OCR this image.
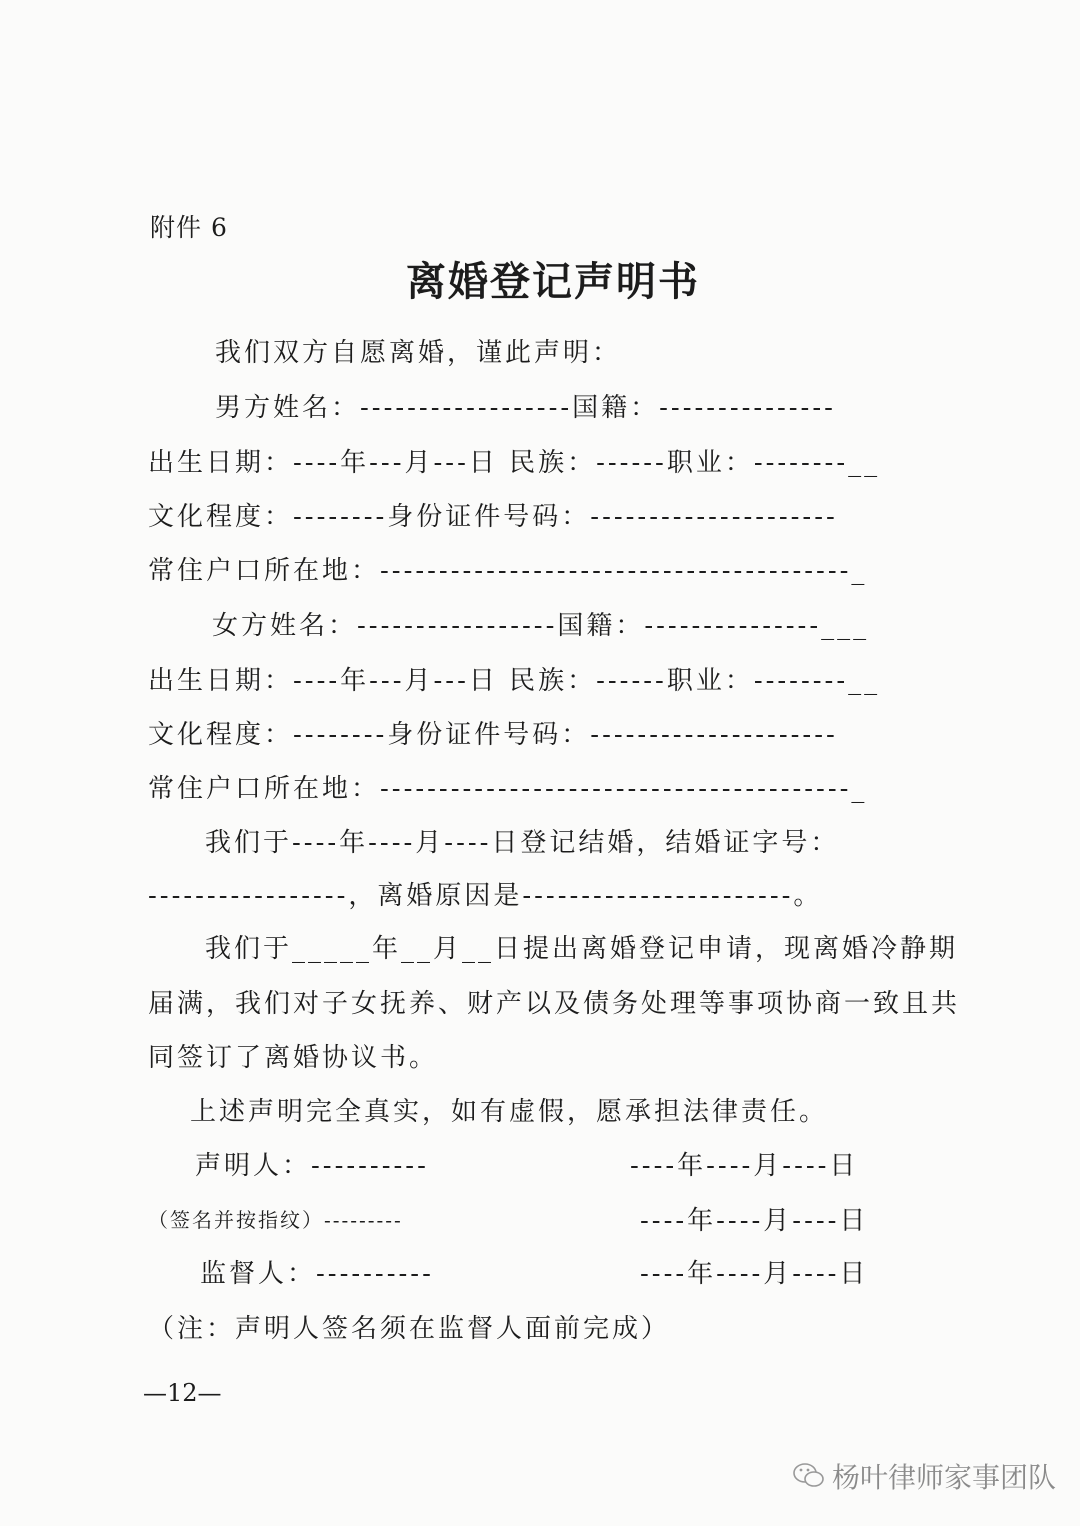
附件 6
离婚登记声明书
我们双方自愿离婚，谨此声明：
男方姓名：------------------国籍：---------------
出生日期：----年---月---日 民族：------职业：--------__
文化程度：--------身份证件号码：---------------------
常住户口所在地：----------------------------------------_
女方姓名：-----------------国籍：---------------___
出生日期：----年---月---日 民族：------职业：--------__
文化程度：--------身份证件号码：---------------------
常住户口所在地：----------------------------------------_
我们于----年----月----日登记结婚，结婚证字号：
-----------------，离婚原因是-----------------------。
我们于_____年__月__日提出离婚登记申请，现离婚冷静期
届满，我们对子女抚养、财产以及债务处理等事项协商一致且共
同签订了离婚协议书。
上述声明完全真实，如有虚假，愿承担法律责任。
声明人：----------	----年----月----日
（签名并按指纹）---------	----年----月----日
监督人：----------	----年----月----日
（注：声明人签名须在监督人面前完成）
—12—
杨叶律师家事团队
